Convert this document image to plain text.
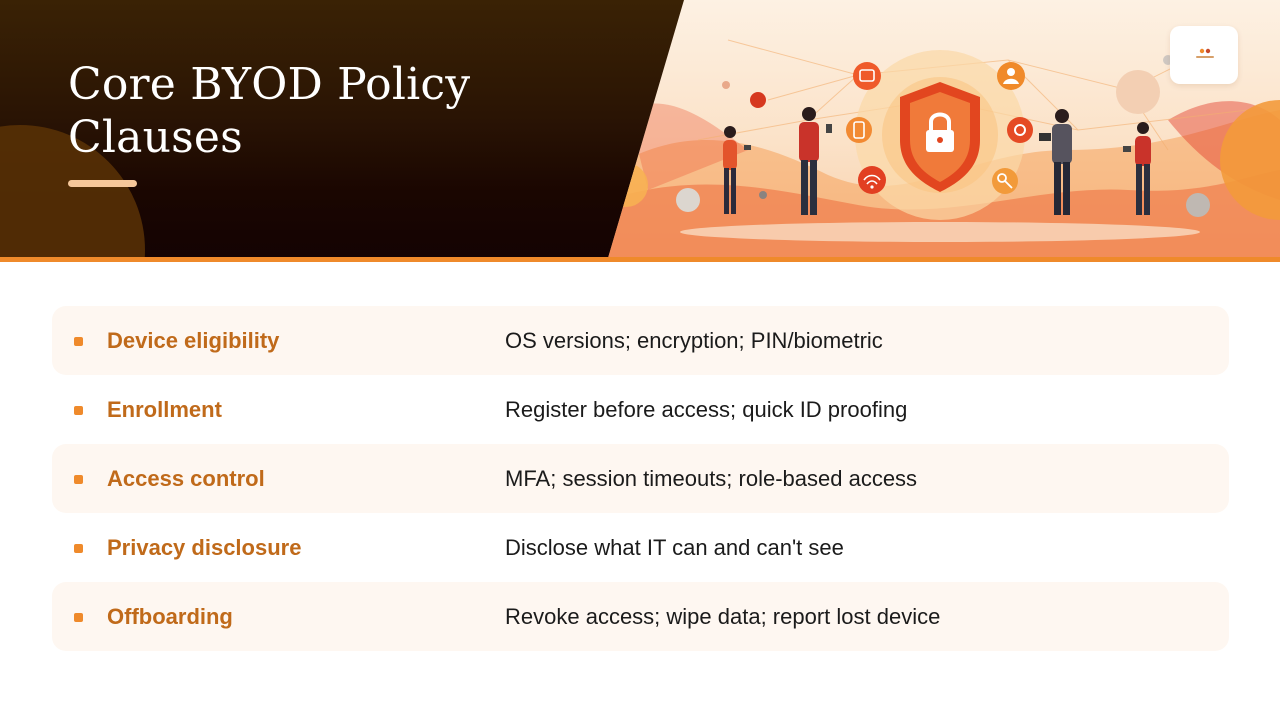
Core BYOD Policy
Clauses
Device eligibility	OS versions; encryption; PIN/biometric
Enrollment	Register before access; quick ID proofing
Access control	MFA; session timeouts; role-based access
Privacy disclosure	Disclose what IT can and can't see
Offboarding	Revoke access; wipe data; report lost device
